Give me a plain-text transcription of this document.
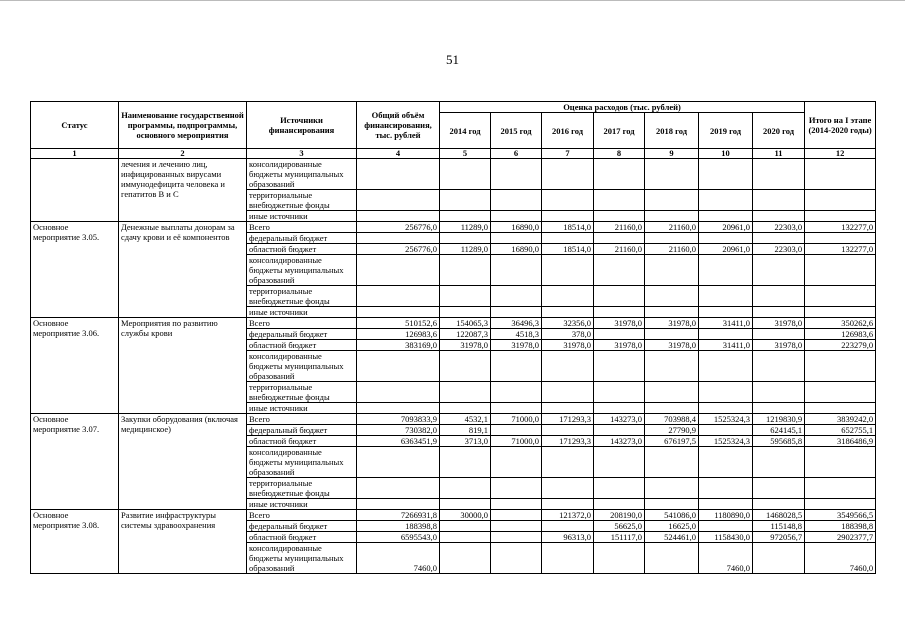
51
Статус	Наименование государственной программы, подпрограммы, основного мероприятия	Источники финансирования	Общий объём финансирования, тыс. рублей	Оценка расходов (тыс. рублей)							Итого на I этапе (2014-2020 годы)
				2014 год	2015 год	2016 год	2017 год	2018 год	2019 год	2020 год	
1	2	3	4	5	6	7	8	9	10	11	12
	лечения и лечению лиц, инфицированных вирусами иммунодефицита человека и гепатитов В и С	консолидированные бюджеты муниципальных образований									
		территориальные внебюджетные фонды									
		иные источники									
Основное мероприятие 3.05.	Денежные выплаты донорам за сдачу крови и её компонентов	Всего	256776,0	11289,0	16890,0	18514,0	21160,0	21160,0	20961,0	22303,0	132277,0
		федеральный бюджет									
		областной бюджет	256776,0	11289,0	16890,0	18514,0	21160,0	21160,0	20961,0	22303,0	132277,0
		консолидированные бюджеты муниципальных образований									
		территориальные внебюджетные фонды									
		иные источники									
Основное мероприятие 3.06.	Мероприятия по развитию службы крови	Всего	510152,6	154065,3	36496,3	32356,0	31978,0	31978,0	31411,0	31978,0	350262,6
		федеральный бюджет	126983,6	122087,3	4518,3	378,0					126983,6
		областной бюджет	383169,0	31978,0	31978,0	31978,0	31978,0	31978,0	31411,0	31978,0	223279,0
		консолидированные бюджеты муниципальных образований									
		территориальные внебюджетные фонды									
		иные источники									
Основное мероприятие 3.07.	Закупки оборудования (включая медицинское)	Всего	7093833,9	4532,1	71000,0	171293,3	143273,0	703988,4	1525324,3	1219830,9	3839242,0
		федеральный бюджет	730382,0	819,1				27790,9		624145,1	652755,1
		областной бюджет	6363451,9	3713,0	71000,0	171293,3	143273,0	676197,5	1525324,3	595685,8	3186486,9
		консолидированные бюджеты муниципальных образований									
		территориальные внебюджетные фонды									
		иные источники									
Основное мероприятие 3.08.	Развитие инфраструктуры системы здравоохранения	Всего	7266931,8	30000,0		121372,0	208190,0	541086,0	1180890,0	1468028,5	3549566,5
		федеральный бюджет	188398,8				56625,0	16625,0		115148,8	188398,8
		областной бюджет	6595543,0			96313,0	151117,0	524461,0	1158430,0	972056,7	2902377,7
		консолидированные бюджеты муниципальных образований	7460,0						7460,0		7460,0
